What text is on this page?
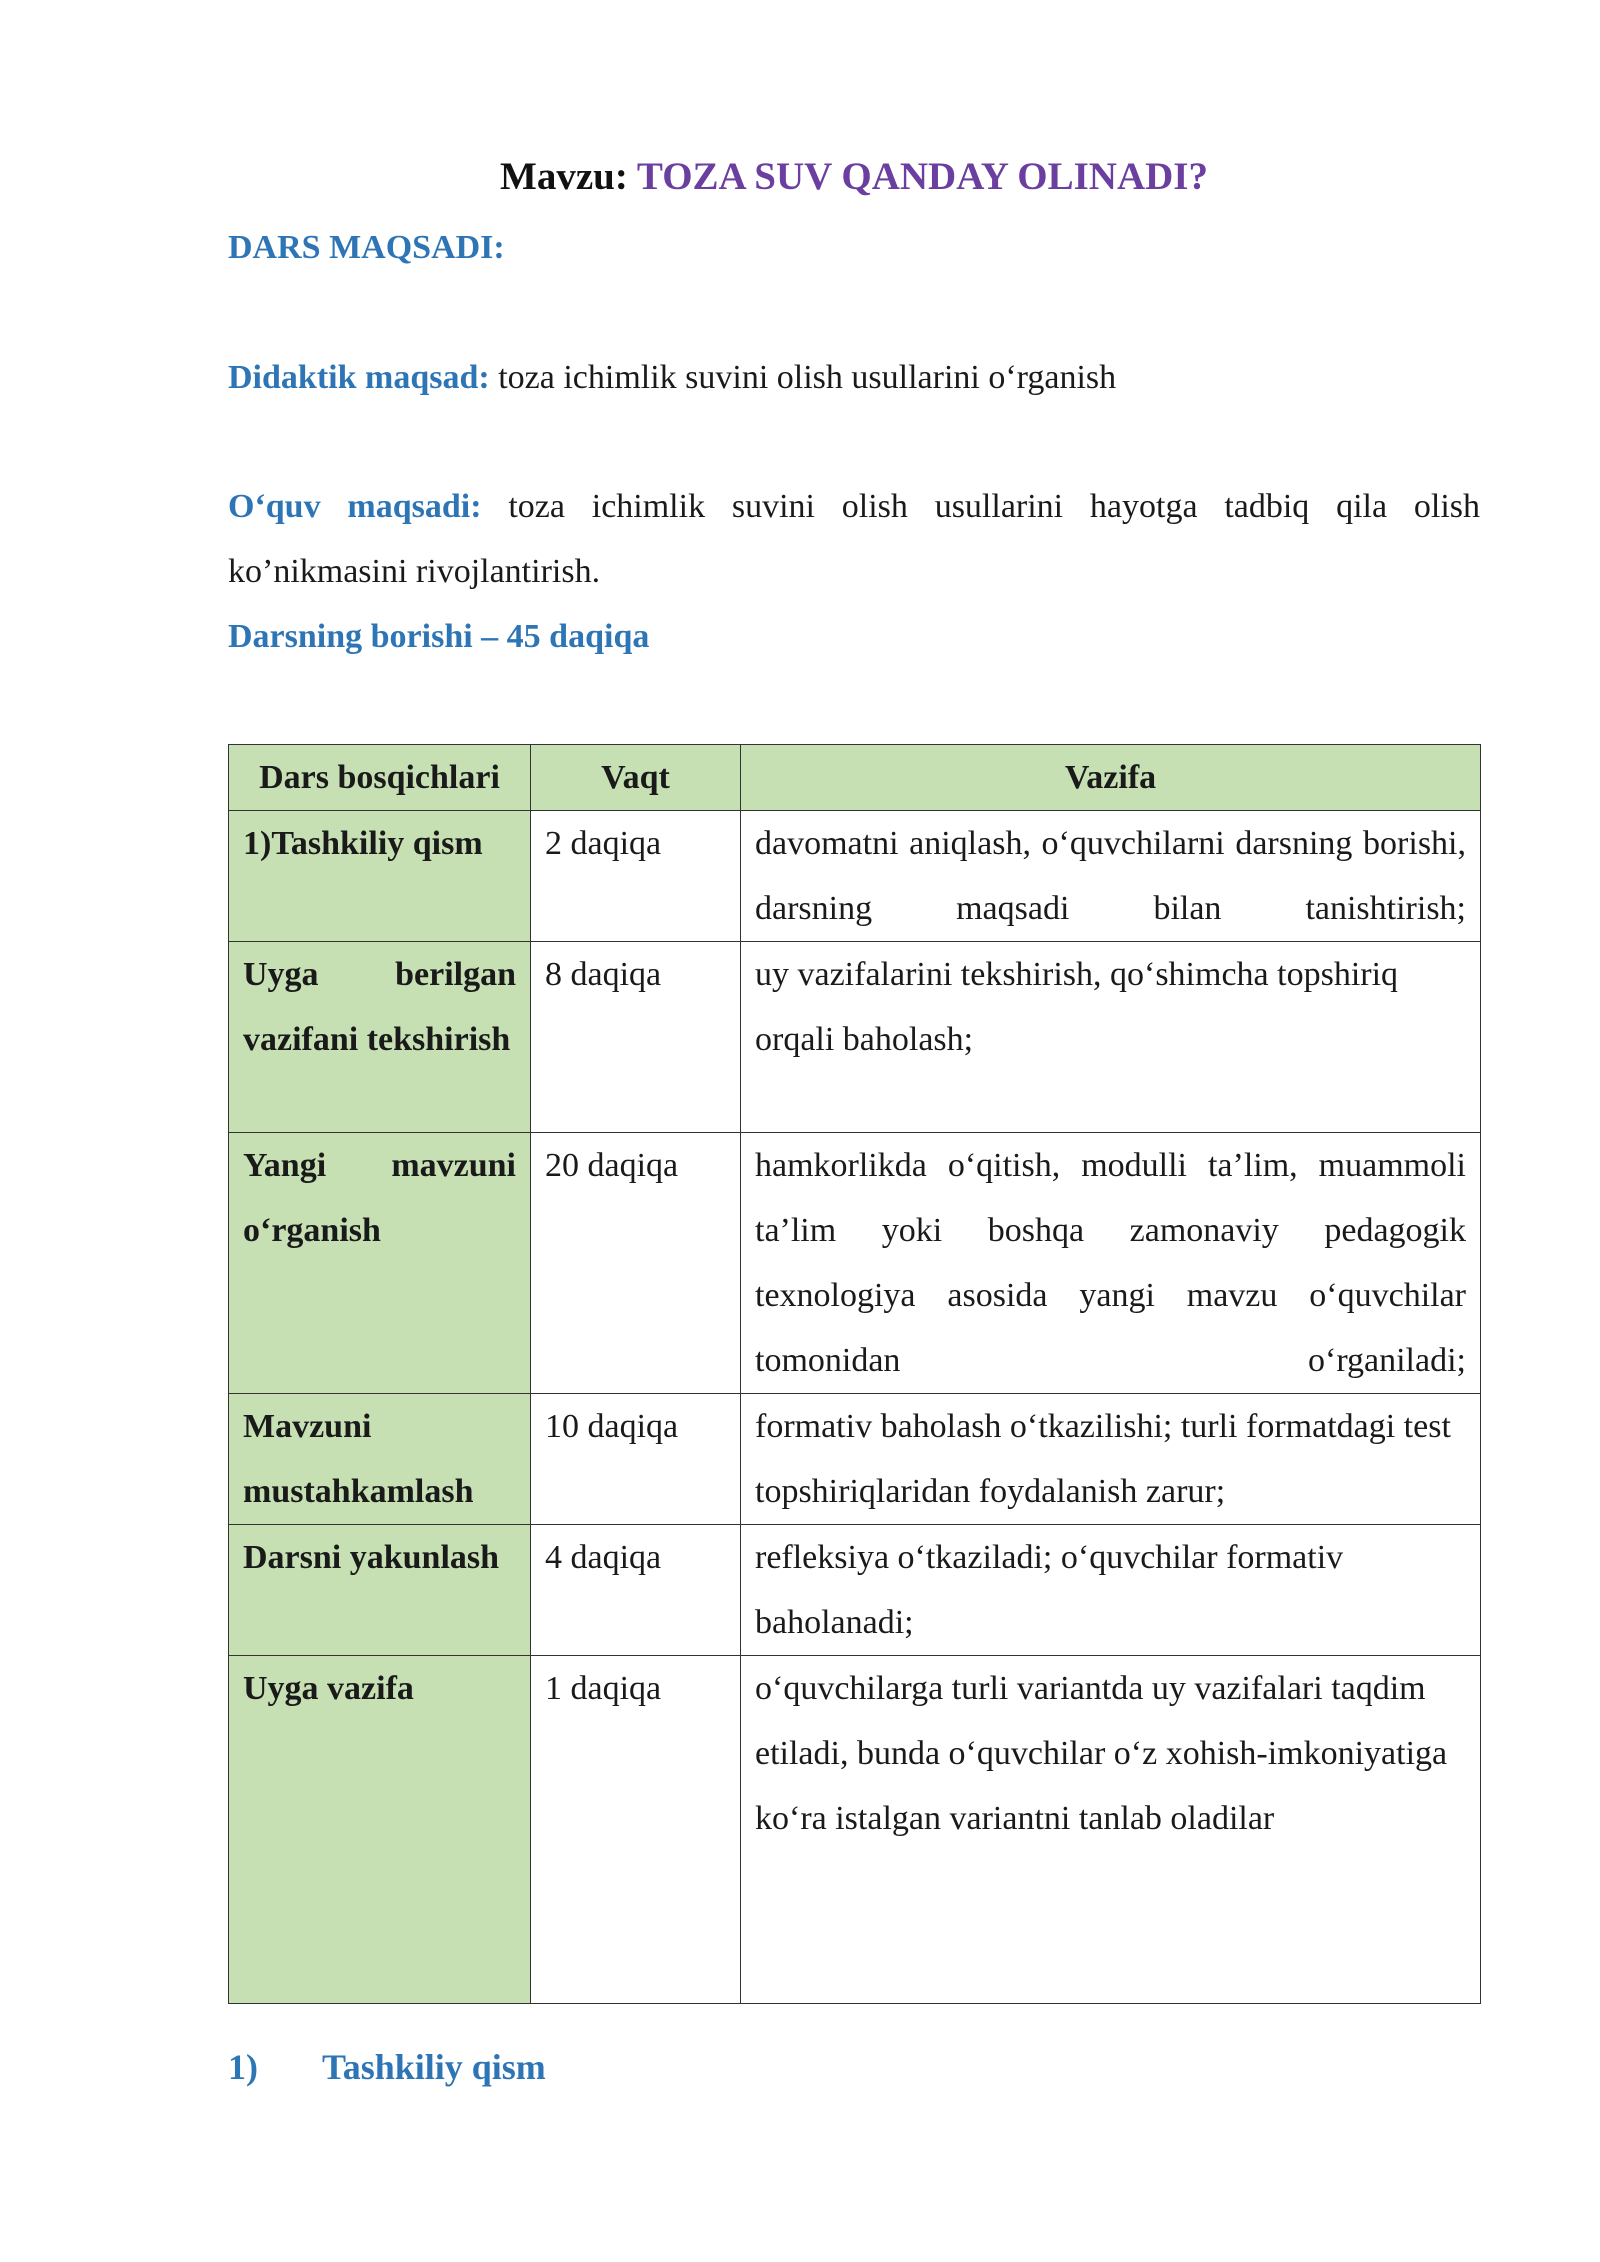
Mavzu: TOZA SUV QANDAY OLINADI?
DARS MAQSADI:
Didaktik maqsad: toza ichimlik suvini olish usullarini o‘rganish
O‘quv maqsadi: toza ichimlik suvini olish usullarini hayotga tadbiq qila olish
ko’nikmasini rivojlantirish.
Darsning borishi – 45 daqiqa
Dars bosqichlari	Vaqt	Vazifa
1)Tashkiliy qism	2 daqiqa	davomatni aniqlash, o‘quvchilarni darsning borishi, darsning maqsadi bilan tanishtirish;
Uyga berilgan vazifani tekshirish	8 daqiqa	uy vazifalarini tekshirish, qo‘shimcha topshiriq orqali baholash;
Yangi mavzuni o‘rganish	20 daqiqa	hamkorlikda o‘qitish, modulli ta’lim, muammoli ta’lim yoki boshqa zamonaviy pedagogik texnologiya asosida yangi mavzu o‘quvchilar tomonidan o‘rganiladi;
Mavzuni mustahkamlash	10 daqiqa	formativ baholash o‘tkazilishi; turli formatdagi test topshiriqlaridan foydalanish zarur;
Darsni yakunlash	4 daqiqa	refleksiya o‘tkaziladi; o‘quvchilar formativ baholanadi;
Uyga vazifa	1 daqiqa	o‘quvchilarga turli variantda uy vazifalari taqdim etiladi, bunda o‘quvchilar o‘z xohish-imkoniyatiga ko‘ra istalgan variantni tanlab oladilar
1) Tashkiliy qism
